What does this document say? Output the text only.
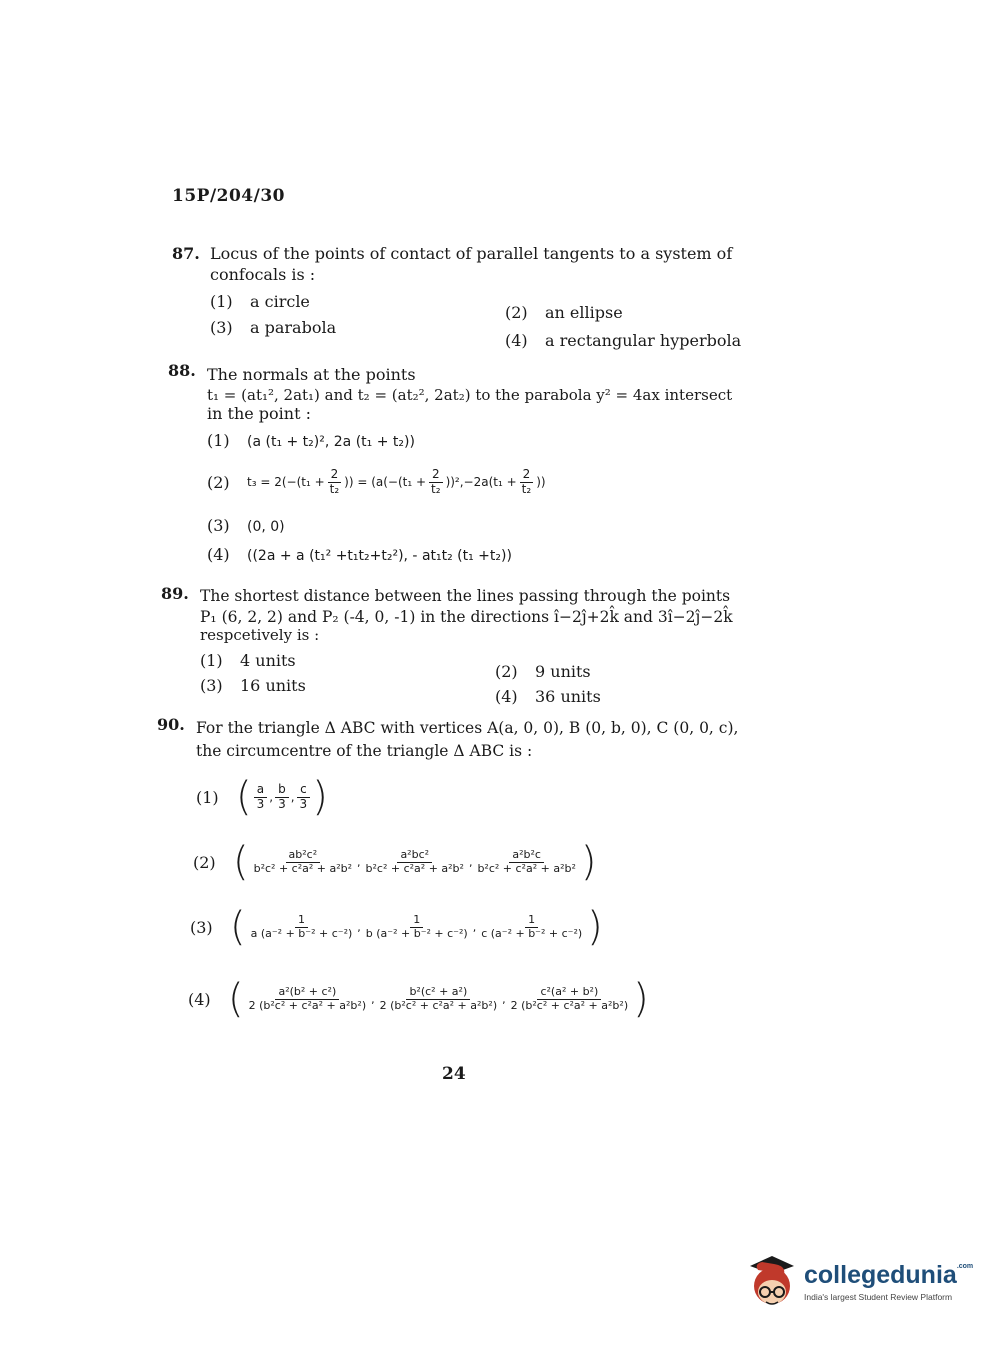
15P/204/30
87. Locus of the points of contact of parallel tangents to a system of
confocals is :
(1) a circle
(2) an ellipse
(3) a parabola
(4) a rectangular hyperbola
88. The normals at the points
t₁ = (at₁², 2at₁) and t₂ = (at₂², 2at₂) to the parabola y² = 4ax intersect
in the point :
(1) (a (t₁ + t₂)², 2a (t₁ + t₂))
(2)	$t_3 = 2(-(t_1 + \frac{2}{\text{t₂}}$ )) = ($a(-(t_1 + \frac{2}{\text{t₂}} ))^2,-2a(t_1 + \frac{2}{\text{t₂}}$ ))
(3) (0, 0)
(4) ((2a + a (t₁² +t₁t₂+t₂²), - at₁t₂ (t₁ +t₂))
89. The shortest distance between the lines passing through the points
P₁ (6, 2, 2) and P₂ (-4, 0, -1) in the directions î−2ĵ+2k̂ and 3î−2ĵ−2k̂
respcetively is :
(1) 4 units
(2) 9 units
(3) 16 units
(4) 36 units
90. For the triangle Δ ABC with vertices A(a, 0, 0), B (0, b, 0), C (0, 0, c),
the circumcentre of the triangle Δ ABC is :
(1) ( $\frac{a}{3}$ , $\frac{b}{3}$ , $\frac{c}{3}$ )
(2) ( $\frac{\text{ab²c²}}{\text{b²c² + c²a² + a²b²}}$ , $\frac{\text{a²bc²}}{\text{b²c² + c²a² + a²b²}}$ , $\frac{\text{a²b²c}}{\text{b²c² + c²a² + a²b²}}$ )
(3) ( $\frac{1}{\text{a (a⁻² + b⁻² + c⁻²)}}$ , $\frac{1}{\text{b (a⁻² + b⁻² + c⁻²)}}$ , $\frac{1}{\text{c (a⁻² + b⁻² + c⁻²)}}$ )
(4) ( $\frac{\text{a²(b² + c²)}}{\text{2 (b²c² + c²a² + a²b²)}}$ , $\frac{\text{b²(c² + a²)}}{\text{2 (b²c² + c²a² + a²b²)}}$ , $\frac{\text{c²(a² + b²)}}{\text{2 (b²c² + c²a² + a²b²)}}$ )
24
collegedunia$^{.com}$
India's largest Student Review Platform
